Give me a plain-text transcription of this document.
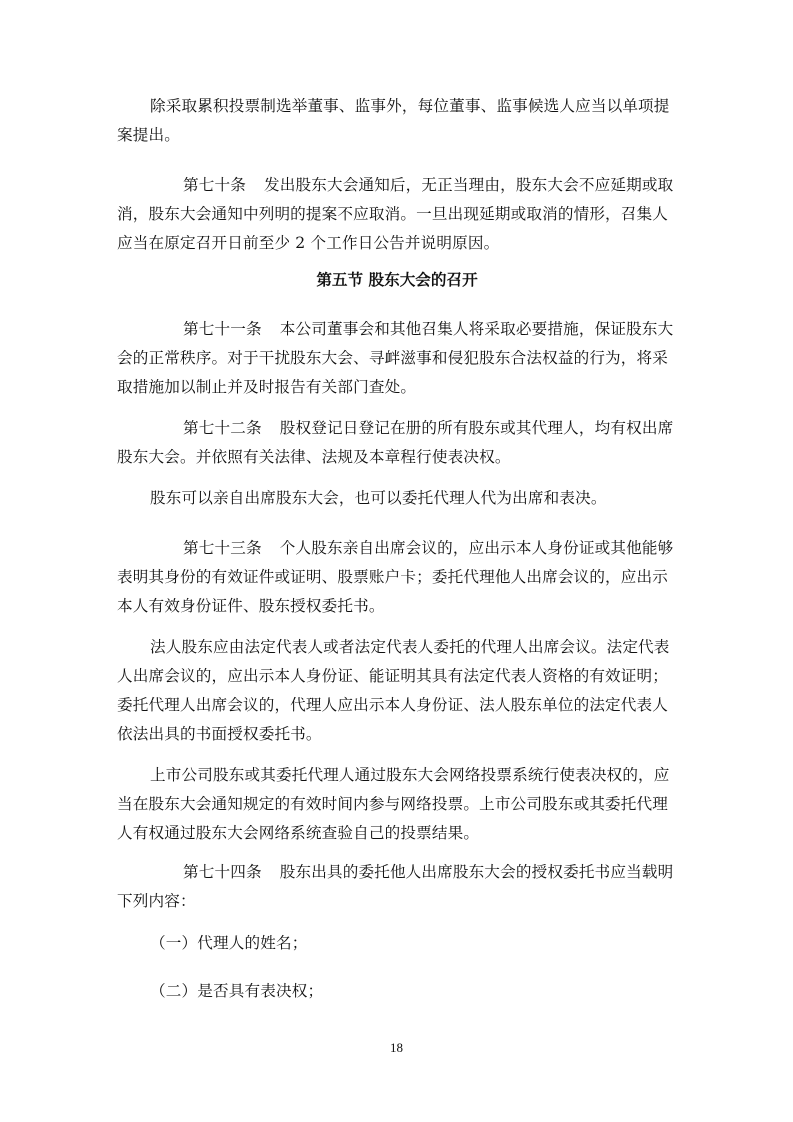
除采取累积投票制选举董事、监事外，每位董事、监事候选人应当以单项提案提出。

第七十条 发出股东大会通知后，无正当理由，股东大会不应延期或取消，股东大会通知中列明的提案不应取消。一旦出现延期或取消的情形，召集人应当在原定召开日前至少 2 个工作日公告并说明原因。

第五节 股东大会的召开

第七十一条 本公司董事会和其他召集人将采取必要措施，保证股东大会的正常秩序。对于干扰股东大会、寻衅滋事和侵犯股东合法权益的行为，将采取措施加以制止并及时报告有关部门查处。

第七十二条 股权登记日登记在册的所有股东或其代理人，均有权出席股东大会。并依照有关法律、法规及本章程行使表决权。

股东可以亲自出席股东大会，也可以委托代理人代为出席和表决。

第七十三条 个人股东亲自出席会议的，应出示本人身份证或其他能够表明其身份的有效证件或证明、股票账户卡；委托代理他人出席会议的，应出示本人有效身份证件、股东授权委托书。

法人股东应由法定代表人或者法定代表人委托的代理人出席会议。法定代表人出席会议的，应出示本人身份证、能证明其具有法定代表人资格的有效证明；委托代理人出席会议的，代理人应出示本人身份证、法人股东单位的法定代表人依法出具的书面授权委托书。

上市公司股东或其委托代理人通过股东大会网络投票系统行使表决权的，应当在股东大会通知规定的有效时间内参与网络投票。上市公司股东或其委托代理人有权通过股东大会网络系统查验自己的投票结果。

第七十四条 股东出具的委托他人出席股东大会的授权委托书应当载明下列内容：

（一）代理人的姓名；

（二）是否具有表决权；

18
